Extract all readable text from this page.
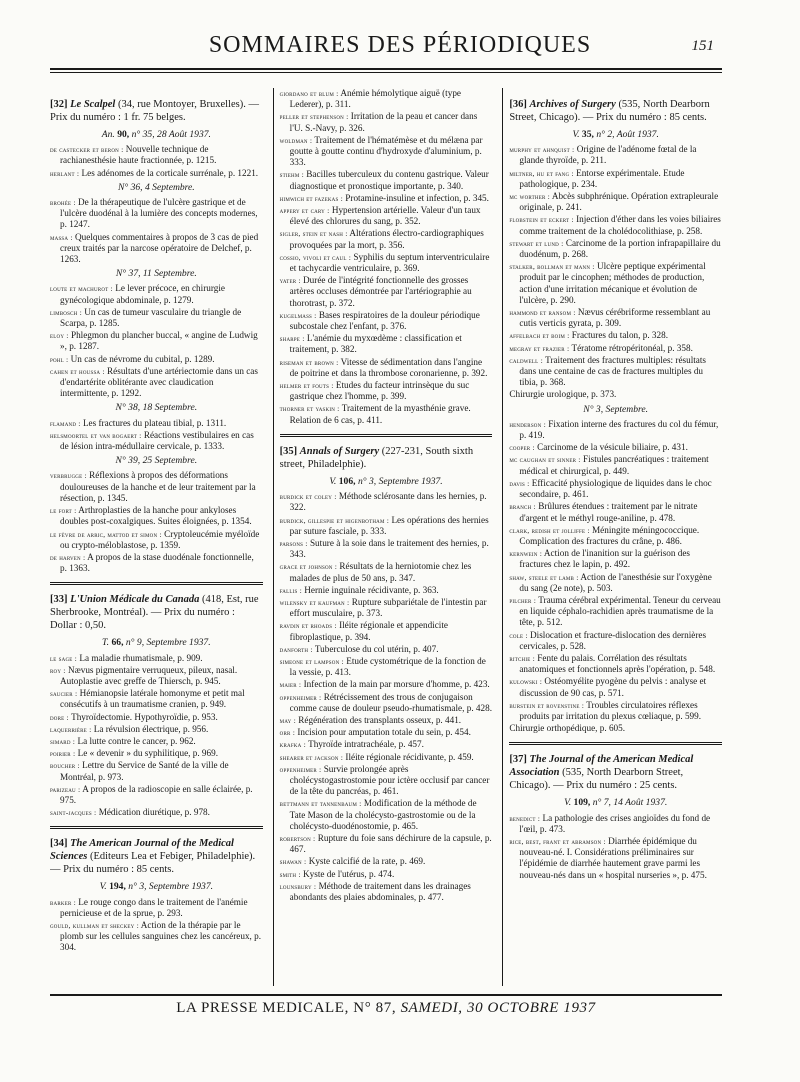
SOMMAIRES DES PÉRIODIQUES	151
[32] Le Scalpel (34, rue Montoyer, Bruxelles). — Prix du numéro : 1 fr. 75 belges.
An. 90, n° 35, 28 Août 1937.
de castecker et beron : Nouvelle technique de rachianesthésie haute fractionnée, p. 1215.
herlant : Les adénomes de la corticale surrénale, p. 1221.
N° 36, 4 Septembre.
brohée : De la thérapeutique de l'ulcère gastrique et de l'ulcère duodénal à la lumière des concepts modernes, p. 1247.
massa : Quelques commentaires à propos de 3 cas de pied creux traités par la narcose opératoire de Delchef, p. 1263.
N° 37, 11 Septembre.
loute et machurot : Le lever précoce, en chirurgie gynécologique abdominale, p. 1279.
limbosch : Un cas de tumeur vasculaire du triangle de Scarpa, p. 1285.
eloy : Phlegmon du plancher buccal, « angine de Ludwig », p. 1287.
pohl : Un cas de névrome du cubital, p. 1289.
cahen et houssa : Résultats d'une artériectomie dans un cas d'endartérite oblitérante avec claudication intermittente, p. 1292.
N° 38, 18 Septembre.
flamand : Les fractures du plateau tibial, p. 1311.
helsmoortel et van bogaert : Réactions vestibulaires en cas de lésion intra-médullaire cervicale, p. 1333.
N° 39, 25 Septembre.
verbrugge : Réflexions à propos des déformations douloureuses de la hanche et de leur traitement par la résection, p. 1345.
le fort : Arthroplasties de la hanche pour ankyloses doubles post-coxalgiques. Suites éloignées, p. 1354.
le fèvre de arric, mattod et simon : Cryptoleucémie myéloïde ou crypto-méloblastose, p. 1359.
de harven : A propos de la stase duodénale fonctionnelle, p. 1363.
[33] L'Union Médicale du Canada (418, Est, rue Sherbrooke, Montréal). — Prix du numéro : Dollar : 0,50.
T. 66, n° 9, Septembre 1937.
le sage : La maladie rhumatismale, p. 909.
roy : Nævus pigmentaire verruqueux, pileux, nasal. Autoplastie avec greffe de Thiersch, p. 945.
saucier : Hémianopsie latérale homonyme et petit mal consécutifs à un traumatisme cranien, p. 949.
dore : Thyroïdectomie. Hypothyroïdie, p. 953.
laquerrière : La révulsion électrique, p. 956.
simard : La lutte contre le cancer, p. 962.
poirier : Le « devenir » du syphilitique, p. 969.
boucher : Lettre du Service de Santé de la ville de Montréal, p. 973.
parizeau : A propos de la radioscopie en salle éclairée, p. 975.
saint-jacques : Médication diurétique, p. 978.
[34] The American Journal of the Medical Sciences (Editeurs Lea et Febiger, Philadelphie). — Prix du numéro : 85 cents.
V. 194, n° 3, Septembre 1937.
barker : Le rouge congo dans le traitement de l'anémie pernicieuse et de la sprue, p. 293.
gould, kullman et sheckey : Action de la thérapie par le plomb sur les cellules sanguines chez les cancéreux, p. 304.
giordano et blum : Anémie hémolytique aiguë (type Lederer), p. 311.
peller et stephenson : Irritation de la peau et cancer dans l'U. S.-Navy, p. 326.
woldman : Traitement de l'hématémèse et du mélæna par goutte à goutte continu d'hydroxyde d'aluminium, p. 333.
stiehm : Bacilles tuberculeux du contenu gastrique. Valeur diagnostique et pronostique importante, p. 340.
himwich et fazekas : Protamine-insuline et infection, p. 345.
appery et cary : Hypertension artérielle. Valeur d'un taux élevé des chlorures du sang, p. 352.
sigler, stein et nash : Altérations électro-cardiographiques provoquées par la mort, p. 356.
cossio, vivoli et caul : Syphilis du septum interventriculaire et tachycardie ventriculaire, p. 369.
yater : Durée de l'intégrité fonctionnelle des grosses artères occluses démontrée par l'artériographie au thorotrast, p. 372.
kugelmass : Bases respiratoires de la douleur périodique subcostale chez l'enfant, p. 376.
sharpe : L'anémie du myxœdème : classification et traitement, p. 382.
riseman et brown : Vitesse de sédimentation dans l'angine de poitrine et dans la thrombose coronarienne, p. 392.
helmer et fouts : Etudes du facteur intrinsèque du suc gastrique chez l'homme, p. 399.
thorner et yaskin : Traitement de la myasthénie grave. Relation de 6 cas, p. 411.
[35] Annals of Surgery (227-231, South sixth street, Philadelphie).
V. 106, n° 3, Septembre 1937.
burdick et coley : Méthode sclérosante dans les hernies, p. 322.
burdick, gillespie et higenbotham : Les opérations des hernies par suture fasciale, p. 333.
parsons : Suture à la soie dans le traitement des hernies, p. 343.
grace et johnson : Résultats de la herniotomie chez les malades de plus de 50 ans, p. 347.
fallis : Hernie inguinale récidivante, p. 363.
wilensky et kaufman : Rupture subpariétale de l'intestin par effort musculaire, p. 373.
ravdin et rhoads : Iléite régionale et appendicite fibroplastique, p. 394.
danforth : Tuberculose du col utérin, p. 407.
simeone et lampson : Etude cystométrique de la fonction de la vessie, p. 413.
maier : Infection de la main par morsure d'homme, p. 423.
oppenheimer : Rétrécissement des trous de conjugaison comme cause de douleur pseudo-rhumatismale, p. 428.
may : Régénération des transplants osseux, p. 441.
orr : Incision pour amputation totale du sein, p. 454.
krafka : Thyroïde intratrachéale, p. 457.
shearer et jackson : Iléite régionale récidivante, p. 459.
oppenheimer : Survie prolongée après cholécystogastrostomie pour ictère occlusif par cancer de la tête du pancréas, p. 461.
bettmann et tannenbaum : Modification de la méthode de Tate Mason de la cholécysto-gastrostomie ou de la cholécysto-duodénostomie, p. 465.
robertson : Rupture du foie sans déchirure de la capsule, p. 467.
shawan : Kyste calcifié de la rate, p. 469.
smith : Kyste de l'utérus, p. 474.
lounsbury : Méthode de traitement dans les drainages abondants des plaies abdominales, p. 477.
[36] Archives of Surgery (535, North Dearborn Street, Chicago). — Prix du numéro : 85 cents.
V. 35, n° 2, Août 1937.
murphy et ahnquist : Origine de l'adénome fœtal de la glande thyroïde, p. 211.
miltner, hu et fang : Entorse expérimentale. Etude pathologique, p. 234.
mc worther : Abcès subphrénique. Opération extrapleurale originale, p. 241.
flobstein et eckert : Injection d'éther dans les voies biliaires comme traitement de la cholédocolithiase, p. 258.
stewart et lund : Carcinome de la portion infrapapillaire du duodénum, p. 268.
stalker, bollman et mann : Ulcère peptique expérimental produit par le cincophen; méthodes de production, action d'une irritation mécanique et évolution de l'ulcère, p. 290.
hammond et ransom : Nævus cérébriforme ressemblant au cutis verticis gyrata, p. 309.
affelbach et boim : Fractures du talon, p. 328.
megray et frazier : Tératome rétropéritonéal, p. 358.
caldwell : Traitement des fractures multiples: résultats dans une centaine de cas de fractures multiples du tibia, p. 368.
Chirurgie urologique, p. 373.
N° 3, Septembre.
henderson : Fixation interne des fractures du col du fémur, p. 419.
cooper : Carcinome de la vésicule biliaire, p. 431.
mc caughan et sinner : Fistules pancréatiques : traitement médical et chirurgical, p. 449.
davis : Efficacité physiologique de liquides dans le choc secondaire, p. 461.
branch : Brûlures étendues : traitement par le nitrate d'argent et le méthyl rouge-aniline, p. 478.
clark, redish et jolliffe : Méningite méningococcique. Complication des fractures du crâne, p. 486.
kernwein : Action de l'inanition sur la guérison des fractures chez le lapin, p. 492.
shaw, steele et lamb : Action de l'anesthésie sur l'oxygène du sang (2e note), p. 503.
pilcher : Trauma cérébral expérimental. Teneur du cerveau en liquide céphalo-rachidien après traumatisme de la tête, p. 512.
cole : Dislocation et fracture-dislocation des dernières cervicales, p. 528.
ritchie : Fente du palais. Corrélation des résultats anatomiques et fonctionnels après l'opération, p. 548.
kulowski : Ostéomyélite pyogène du pelvis : analyse et discussion de 90 cas, p. 571.
burstein et rovenstine : Troubles circulatoires réflexes produits par irritation du plexus cœliaque, p. 599.
Chirurgie orthopédique, p. 605.
[37] The Journal of the American Medical Association (535, North Dearborn Street, Chicago). — Prix du numéro : 25 cents.
V. 109, n° 7, 14 Août 1937.
benedict : La pathologie des crises angioïdes du fond de l'œil, p. 473.
rice, best, frant et abramson : Diarrhée épidémique du nouveau-né. I. Considérations préliminaires sur l'épidémie de diarrhée hautement grave parmi les nouveau-nés dans un « hospital nurseries », p. 475.
LA PRESSE MEDICALE, N° 87, SAMEDI, 30 OCTOBRE 1937
